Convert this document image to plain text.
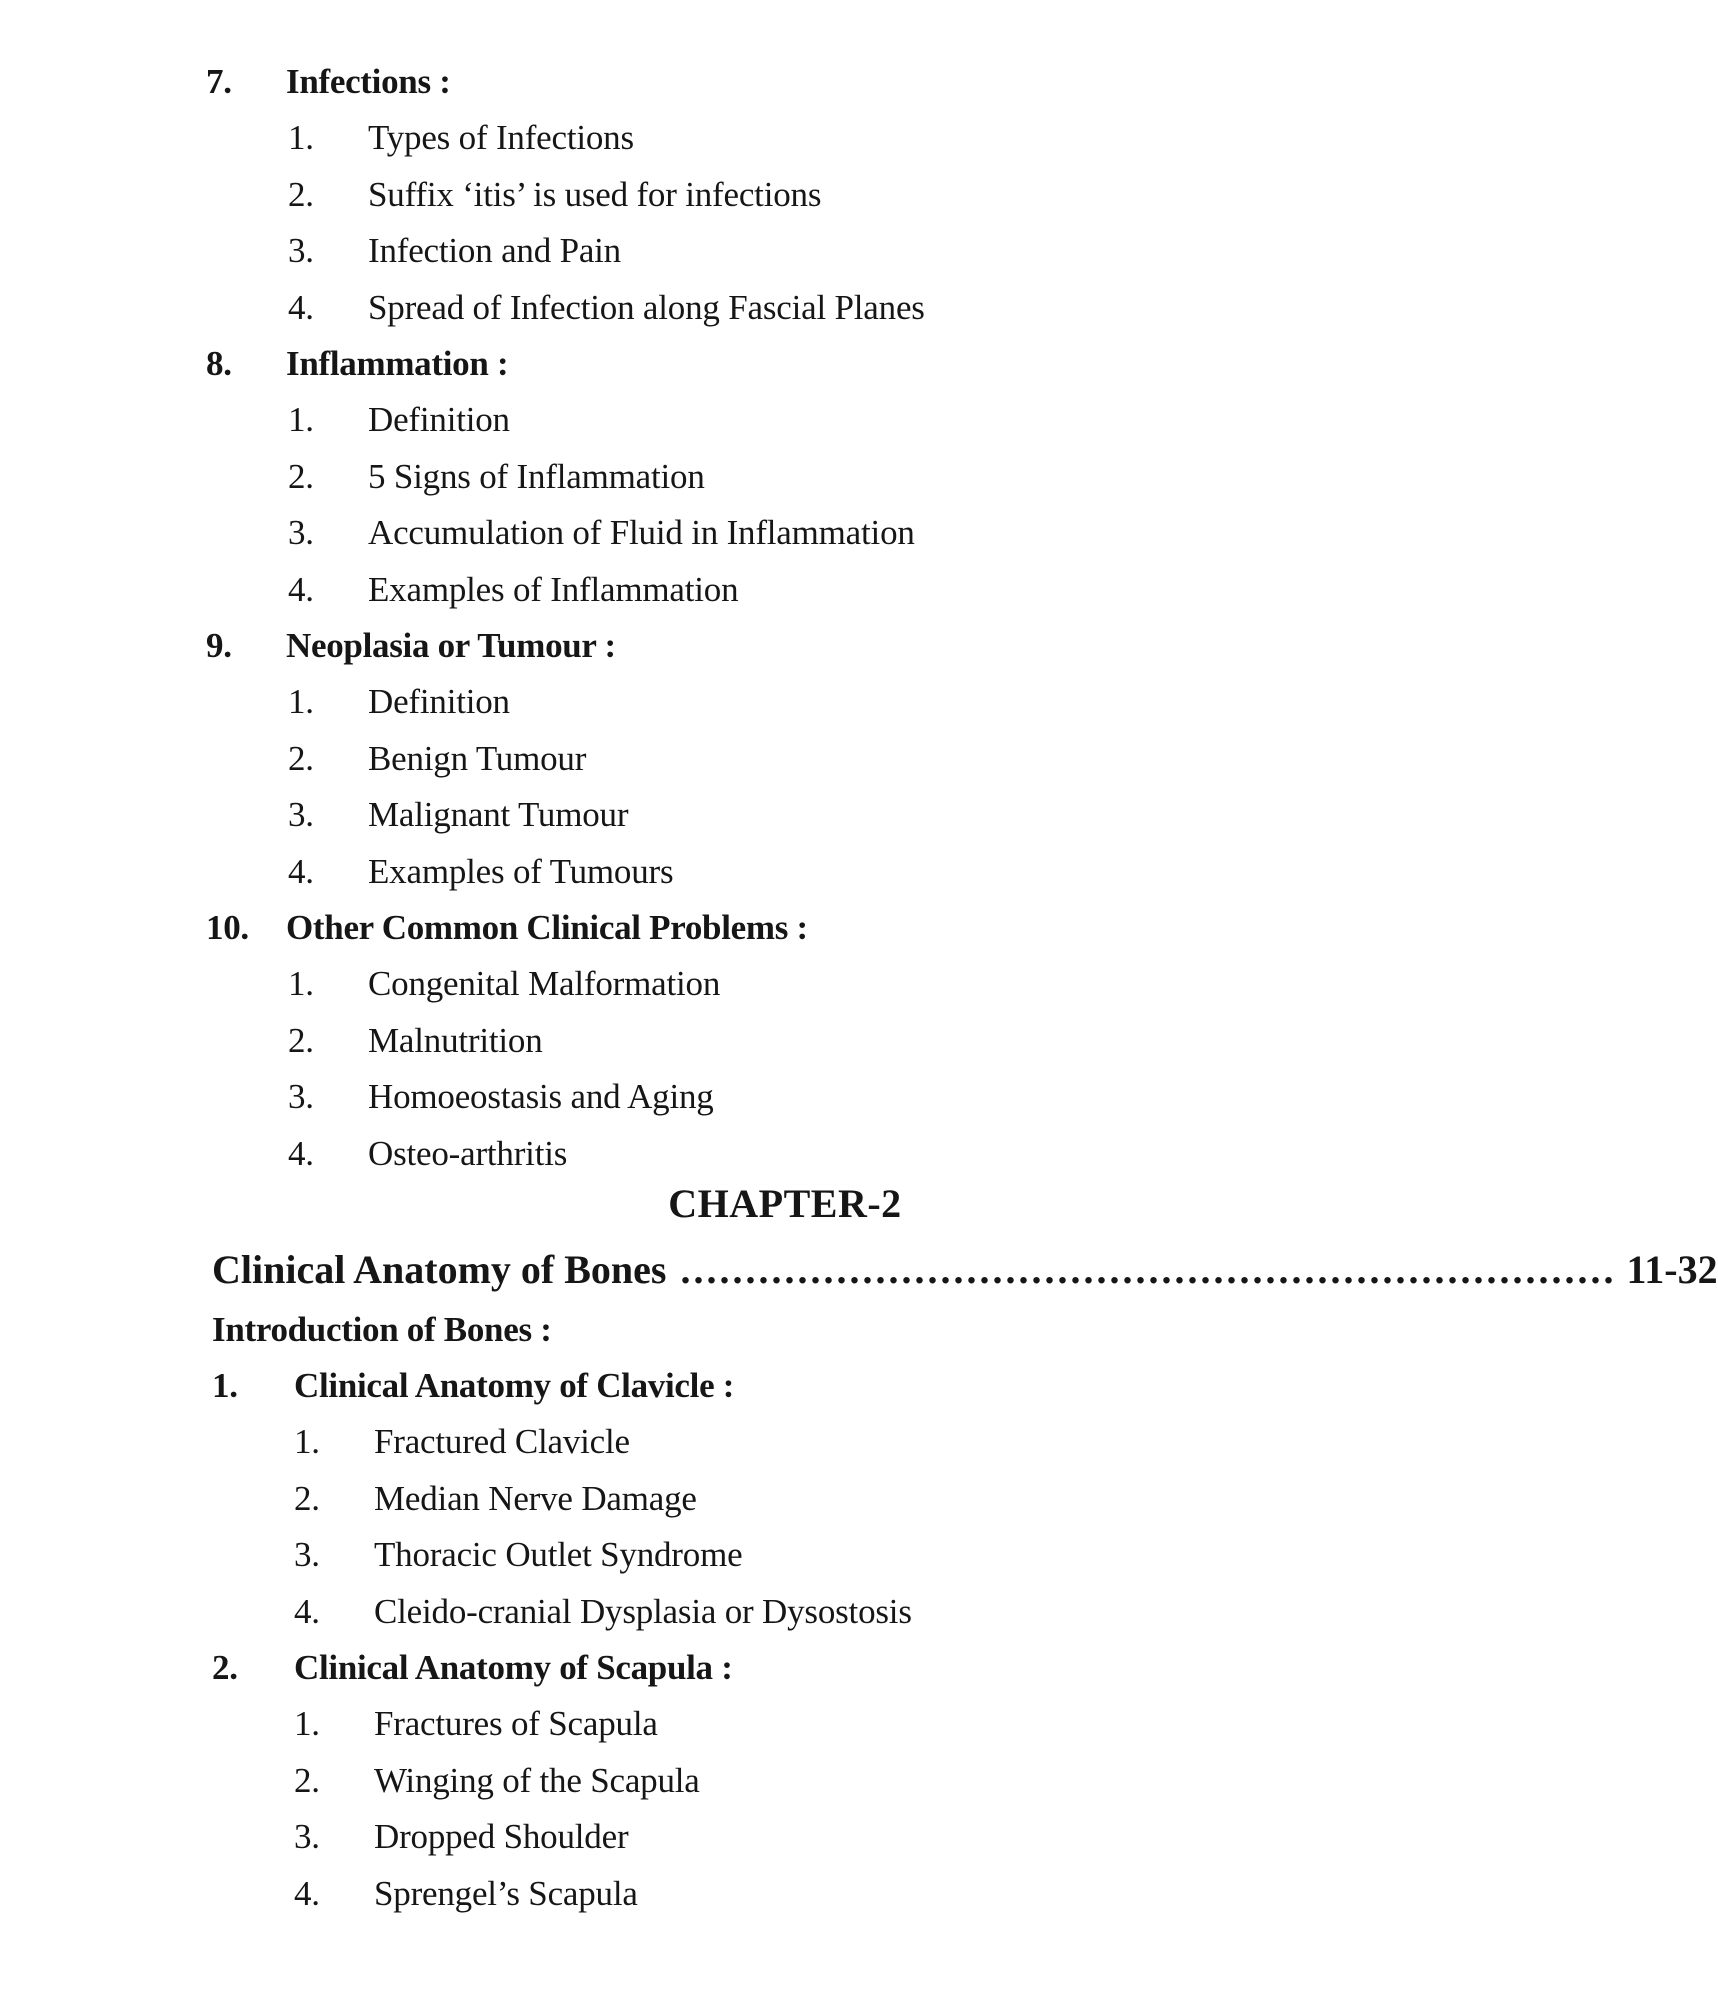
7. Infections :
1. Types of Infections
2. Suffix ‘itis’ is used for infections
3. Infection and Pain
4. Spread of Infection along Fascial Planes
8. Inflammation :
1. Definition
2. 5 Signs of Inflammation
3. Accumulation of Fluid in Inflammation
4. Examples of Inflammation
9. Neoplasia or Tumour :
1. Definition
2. Benign Tumour
3. Malignant Tumour
4. Examples of Tumours
10. Other Common Clinical Problems :
1. Congenital Malformation
2. Malnutrition
3. Homoeostasis and Aging
4. Osteo-arthritis
CHAPTER-2
Clinical Anatomy of Bones ........................................................................ 11-32
Introduction of Bones :
1. Clinical Anatomy of Clavicle :
1. Fractured Clavicle
2. Median Nerve Damage
3. Thoracic Outlet Syndrome
4. Cleido-cranial Dysplasia or Dysostosis
2. Clinical Anatomy of Scapula :
1. Fractures of Scapula
2. Winging of the Scapula
3. Dropped Shoulder
4. Sprengel’s Scapula
